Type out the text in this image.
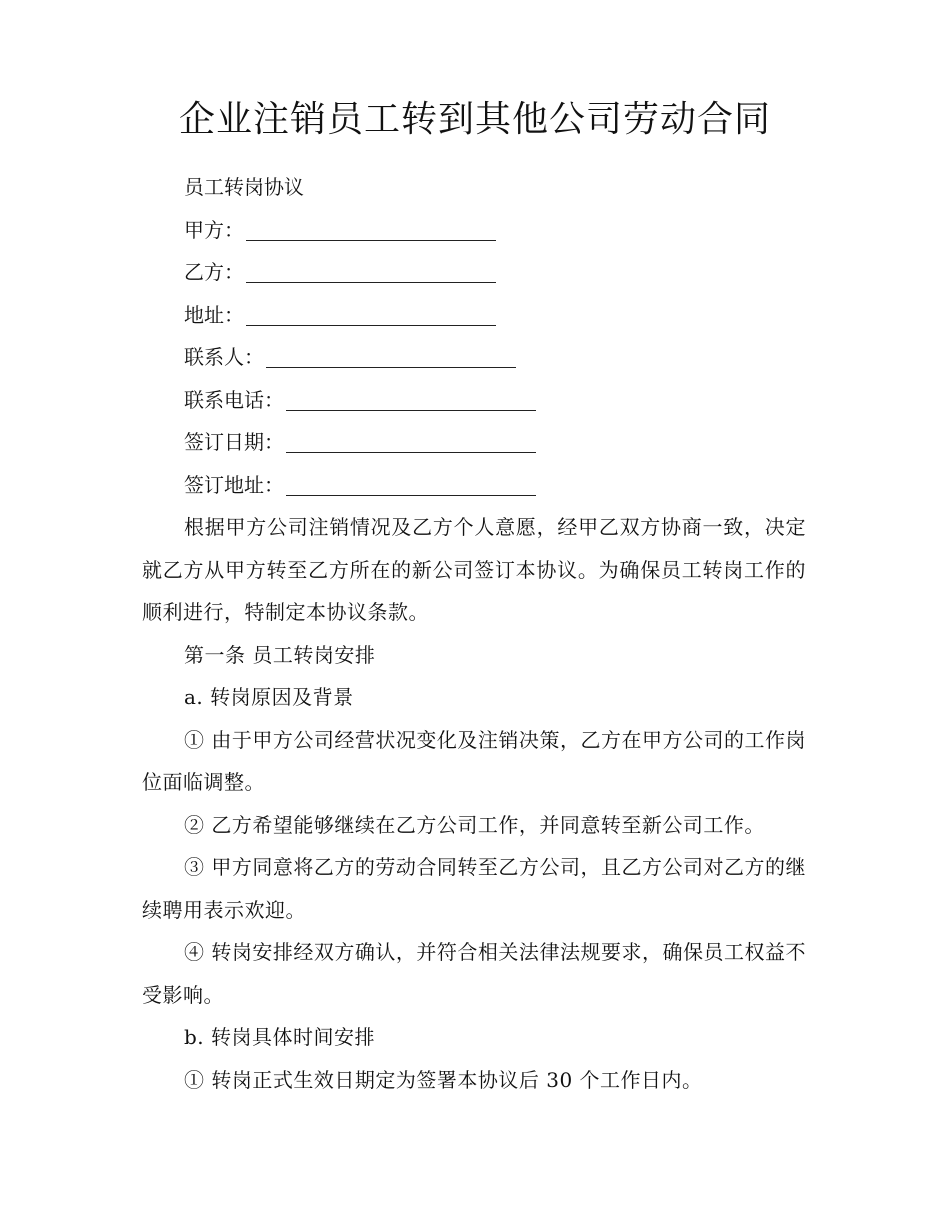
企业注销员工转到其他公司劳动合同
员工转岗协议
甲方：
乙方：
地址：
联系人：
联系电话：
签订日期：
签订地址：

根据甲方公司注销情况及乙方个人意愿，经甲乙双方协商一致，决定就乙方从甲方转至乙方所在的新公司签订本协议。为确保员工转岗工作的顺利进行，特制定本协议条款。

第一条 员工转岗安排

a. 转岗原因及背景

① 由于甲方公司经营状况变化及注销决策，乙方在甲方公司的工作岗位面临调整。

② 乙方希望能够继续在乙方公司工作，并同意转至新公司工作。

③ 甲方同意将乙方的劳动合同转至乙方公司，且乙方公司对乙方的继续聘用表示欢迎。

④ 转岗安排经双方确认，并符合相关法律法规要求，确保员工权益不受影响。

b. 转岗具体时间安排

① 转岗正式生效日期定为签署本协议后 30 个工作日内。
